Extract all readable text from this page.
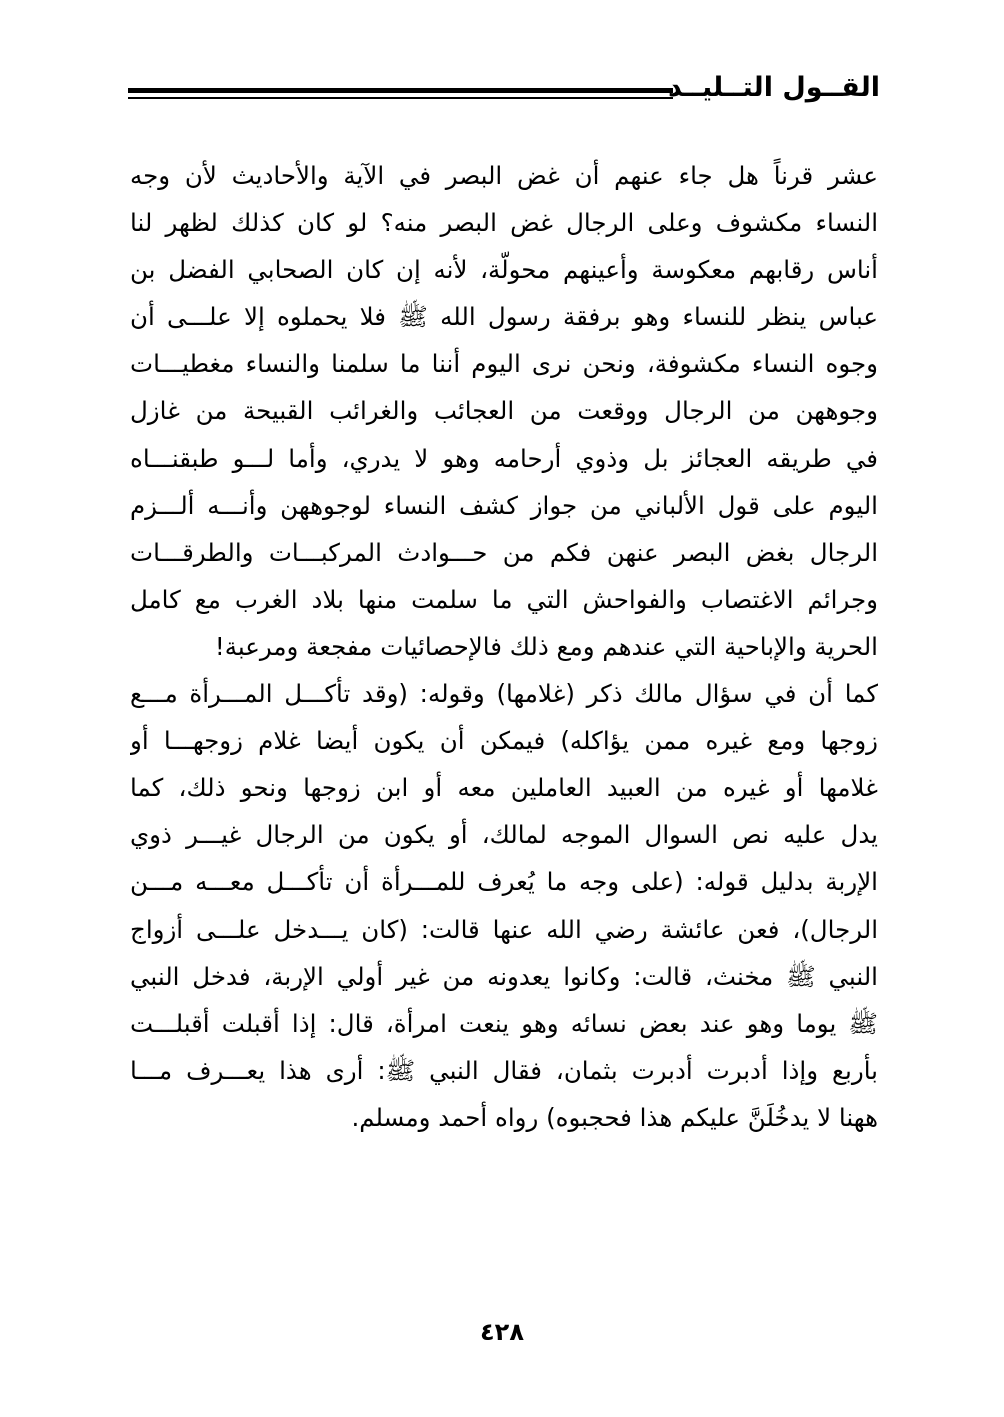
القــول التــليــد
عشر قرناً هل جاء عنهم أن غض البصر في الآية والأحاديث لأن وجه
النساء مكشوف وعلى الرجال غض البصر منه؟ لو كان كذلك لظهر لنا
أناس رقابهم معكوسة وأعينهم محولّة، لأنه إن كان الصحابي الفضل بن
عباس ينظر للنساء وهو برفقة رسول الله ﷺ فلا يحملوه إلا علـــى أن
وجوه النساء مكشوفة، ونحن نرى اليوم أننا ما سلمنا والنساء مغطيـــات
وجوههن من الرجال ووقعت من العجائب والغرائب القبيحة من غازل
في طريقه العجائز بل وذوي أرحامه وهو لا يدري، وأما لـــو طبقنـــاه
اليوم على قول الألباني من جواز كشف النساء لوجوههن وأنـــه ألـــزم
الرجال بغض البصر عنهن فكم من حـــوادث المركبـــات والطرقـــات
وجرائم الاغتصاب والفواحش التي ما سلمت منها بلاد الغرب مع كامل
الحرية والإباحية التي عندهم ومع ذلك فالإحصائيات مفجعة ومرعبة!
كما أن في سؤال مالك ذكر (غلامها) وقوله: (وقد تأكـــل المـــرأة مـــع
زوجها ومع غيره ممن يؤاكله) فيمكن أن يكون أيضا غلام زوجهـــا أو
غلامها أو غيره من العبيد العاملين معه أو ابن زوجها ونحو ذلك، كما
يدل عليه نص السوال الموجه لمالك، أو يكون من الرجال غيـــر ذوي
الإربة بدليل قوله: (على وجه ما يُعرف للمـــرأة أن تأكـــل معـــه مـــن
الرجال)، فعن عائشة رضي الله عنها قالت: (كان يـــدخل علـــى أزواج
النبي ﷺ مخنث، قالت: وكانوا يعدونه من غير أولي الإربة، فدخل النبي
ﷺ يوما وهو عند بعض نسائه وهو ينعت امرأة، قال: إذا أقبلت أقبلـــت
بأربع وإذا أدبرت أدبرت بثمان، فقال النبي ﷺ: أرى هذا يعـــرف مـــا
ههنا لا يدخُلَنَّ عليكم هذا فحجبوه) رواه أحمد ومسلم.
٤٢٨
